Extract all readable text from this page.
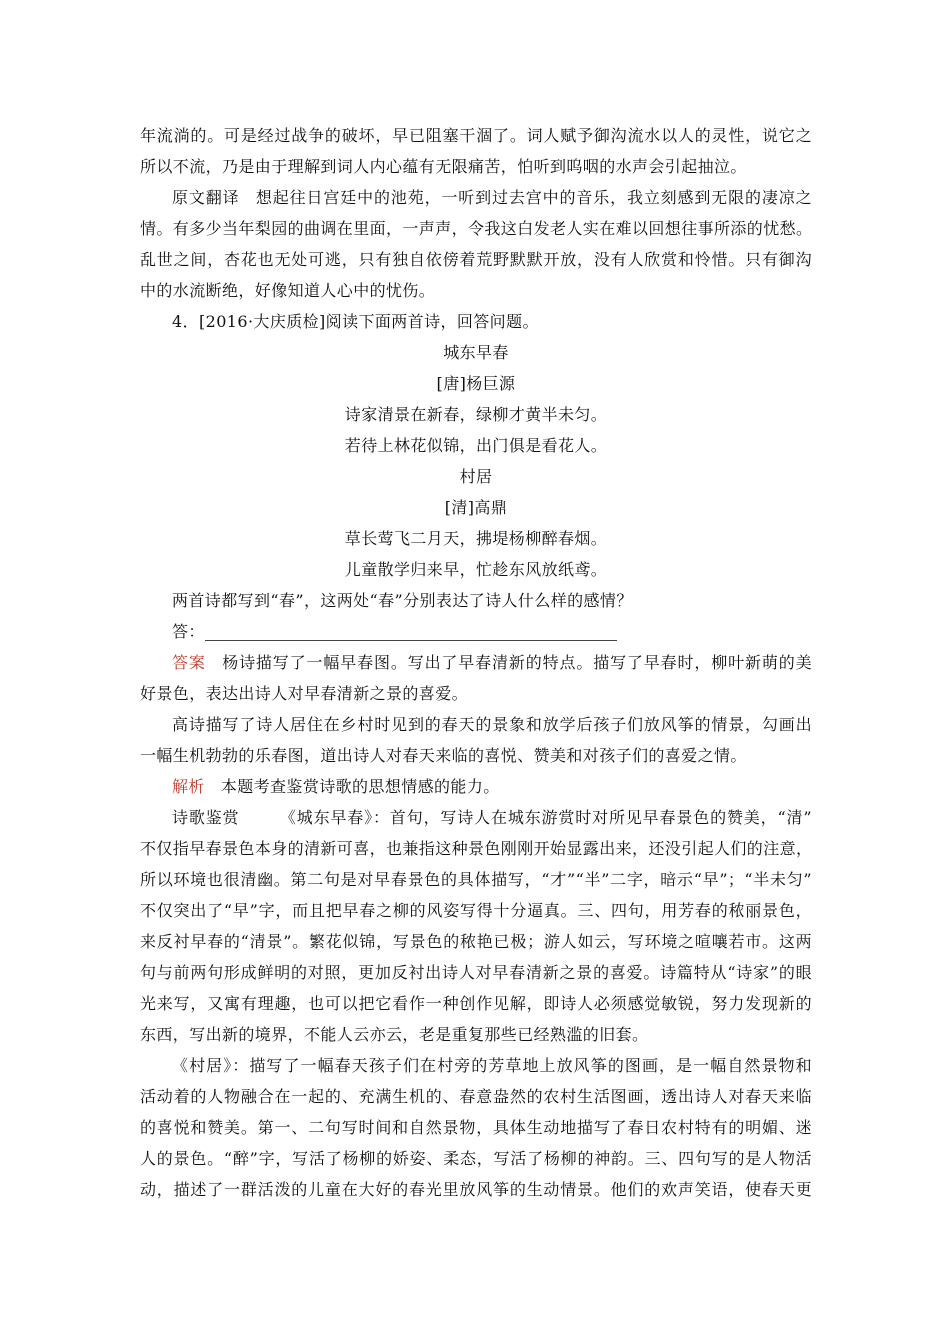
年流淌的。可是经过战争的破坏，早已阻塞干涸了。词人赋予御沟流水以人的灵性，说它之
所以不流，乃是由于理解到词人内心蕴有无限痛苦，怕听到呜咽的水声会引起抽泣。
原文翻译 想起往日宫廷中的池苑，一听到过去宫中的音乐，我立刻感到无限的凄凉之
情。有多少当年梨园的曲调在里面，一声声，令我这白发老人实在难以回想往事所添的忧愁。
乱世之间，杏花也无处可逃，只有独自依傍着荒野默默开放，没有人欣赏和怜惜。只有御沟
中的水流断绝，好像知道人心中的忧伤。
4．[2016·大庆质检]阅读下面两首诗，回答问题。
城东早春
[唐]杨巨源
诗家清景在新春，绿柳才黄半未匀。
若待上林花似锦，出门俱是看花人。
村居
[清]高鼎
草长莺飞二月天，拂堤杨柳醉春烟。
儿童散学归来早，忙趁东风放纸鸢。
两首诗都写到“春”，这两处“春”分别表达了诗人什么样的感情？
答：
答案 杨诗描写了一幅早春图。写出了早春清新的特点。描写了早春时，柳叶新萌的美
好景色，表达出诗人对早春清新之景的喜爱。
高诗描写了诗人居住在乡村时见到的春天的景象和放学后孩子们放风筝的情景，勾画出
一幅生机勃勃的乐春图，道出诗人对春天来临的喜悦、赞美和对孩子们的喜爱之情。
解析 本题考查鉴赏诗歌的思想情感的能力。
诗歌鉴赏	《城东早春》：首句，写诗人在城东游赏时对所见早春景色的赞美，“清”
不仅指早春景色本身的清新可喜，也兼指这种景色刚刚开始显露出来，还没引起人们的注意，
所以环境也很清幽。第二句是对早春景色的具体描写，“才”“半”二字，暗示“早”；“半未匀”
不仅突出了“早”字，而且把早春之柳的风姿写得十分逼真。三、四句，用芳春的秾丽景色，
来反衬早春的“清景”。繁花似锦，写景色的秾艳已极；游人如云，写环境之喧嚷若市。这两
句与前两句形成鲜明的对照，更加反衬出诗人对早春清新之景的喜爱。诗篇特从“诗家”的眼
光来写，又寓有理趣，也可以把它看作一种创作见解，即诗人必须感觉敏锐，努力发现新的
东西，写出新的境界，不能人云亦云，老是重复那些已经熟滥的旧套。
《村居》：描写了一幅春天孩子们在村旁的芳草地上放风筝的图画，是一幅自然景物和
活动着的人物融合在一起的、充满生机的、春意盎然的农村生活图画，透出诗人对春天来临
的喜悦和赞美。第一、二句写时间和自然景物，具体生动地描写了春日农村特有的明媚、迷
人的景色。“醉”字，写活了杨柳的娇姿、柔态，写活了杨柳的神韵。三、四句写的是人物活
动，描述了一群活泼的儿童在大好的春光里放风筝的生动情景。他们的欢声笑语，使春天更
